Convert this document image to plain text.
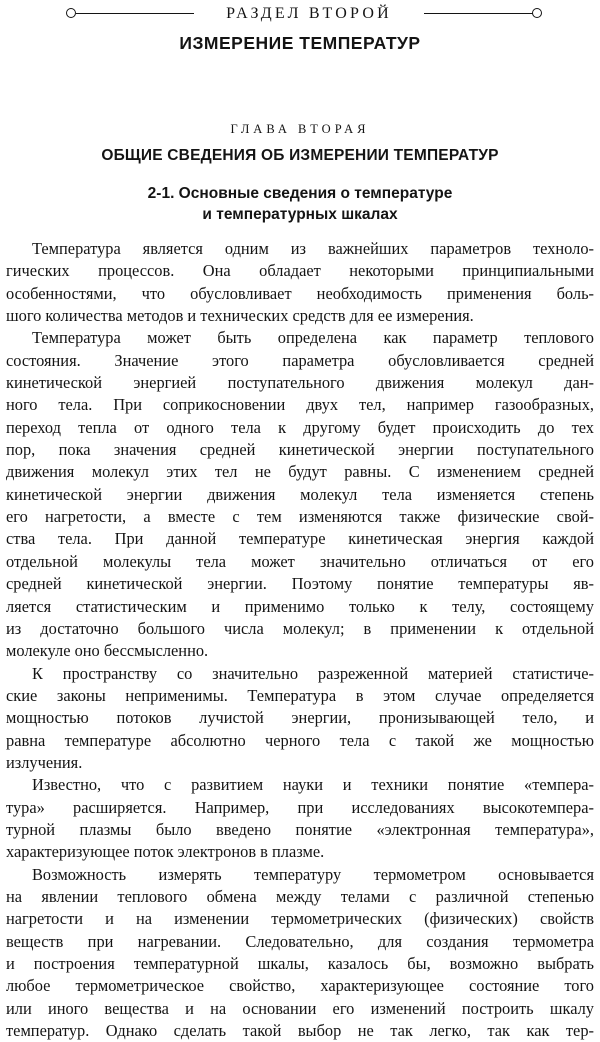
РАЗДЕЛ ВТОРОЙ
ИЗМЕРЕНИЕ ТЕМПЕРАТУР
ГЛАВА ВТОРАЯ
ОБЩИЕ СВЕДЕНИЯ ОБ ИЗМЕРЕНИИ ТЕМПЕРАТУР
2-1. Основные сведения о температуре
и температурных шкалах
Температура является одним из важнейших параметров техноло-
гических процессов. Она обладает некоторыми принципиальными
особенностями, что обусловливает необходимость применения боль-
шого количества методов и технических средств для ее измерения.
Температура может быть определена как параметр теплового
состояния. Значение этого параметра обусловливается средней
кинетической энергией поступательного движения молекул дан-
ного тела. При соприкосновении двух тел, например газообразных,
переход тепла от одного тела к другому будет происходить до тех
пор, пока значения средней кинетической энергии поступательного
движения молекул этих тел не будут равны. С изменением средней
кинетической энергии движения молекул тела изменяется степень
его нагретости, а вместе с тем изменяются также физические свой-
ства тела. При данной температуре кинетическая энергия каждой
отдельной молекулы тела может значительно отличаться от его
средней кинетической энергии. Поэтому понятие температуры яв-
ляется статистическим и применимо только к телу, состоящему
из достаточно большого числа молекул; в применении к отдельной
молекуле оно бессмысленно.
К пространству со значительно разреженной материей статистиче-
ские законы неприменимы. Температура в этом случае определяется
мощностью потоков лучистой энергии, пронизывающей тело, и
равна температуре абсолютно черного тела с такой же мощностью
излучения.
Известно, что с развитием науки и техники понятие «темпера-
тура» расширяется. Например, при исследованиях высокотемпера-
турной плазмы было введено понятие «электронная температура»,
характеризующее поток электронов в плазме.
Возможность измерять температуру термометром основывается
на явлении теплового обмена между телами с различной степенью
нагретости и на изменении термометрических (физических) свойств
веществ при нагревании. Следовательно, для создания термометра
и построения температурной шкалы, казалось бы, возможно выбрать
любое термометрическое свойство, характеризующее состояние того
или иного вещества и на основании его изменений построить шкалу
температур. Однако сделать такой выбор не так легко, так как тер-
